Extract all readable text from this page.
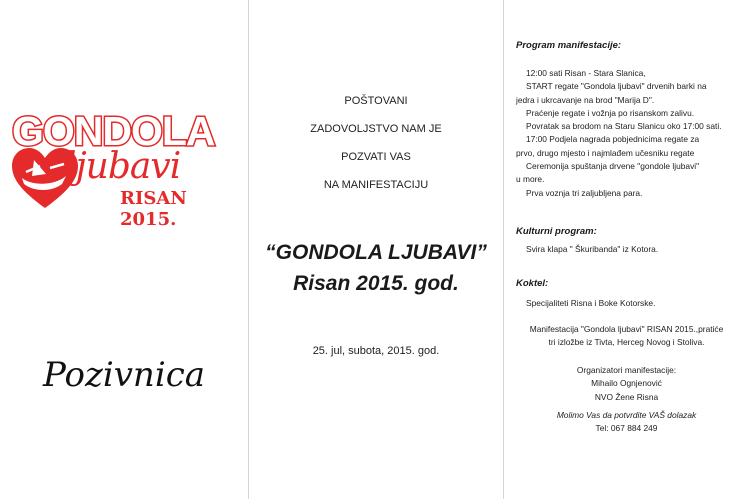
GONDOLA
ljubavi
RISAN 2015.
Pozivnica
POŠTOVANI
ZADOVOLJSTVO NAM JE
POZVATI VAS
NA MANIFESTACIJU
“GONDOLA LJUBAVI”
Risan 2015. god.
25. jul, subota, 2015. god.
Program manifestacije:
12:00 sati Risan - Stara Slanica,
START regate "Gondola ljubavi" drvenih barki na
jedra i ukrcavanje na brod "Marija D".
Praćenje regate i vožnja po risanskom zalivu.
Povratak sa brodom na Staru Slanicu oko 17:00 sati.
17:00 Podjela nagrada pobjednicima regate za
prvo, drugo mjesto i najmlađem učesniku regate
Ceremonija spuštanja drvene "gondole ljubavi"
u more.
Prva voznja tri zaljubljena para.
Kulturni program:
Svira klapa " Škuribanda" iz Kotora.
Koktel:
Specijaliteti Risna i Boke Kotorske.
Manifestacija "Gondola ljubavi" RISAN 2015.,pratiće
tri izložbe iz Tivta, Herceg Novog i Stoliva.
Organizatori manifestacije:
Mihailo Ognjenović
NVO Žene Risna
Molimo Vas da potvrdite VAŠ dolazak
Tel: 067 884 249
